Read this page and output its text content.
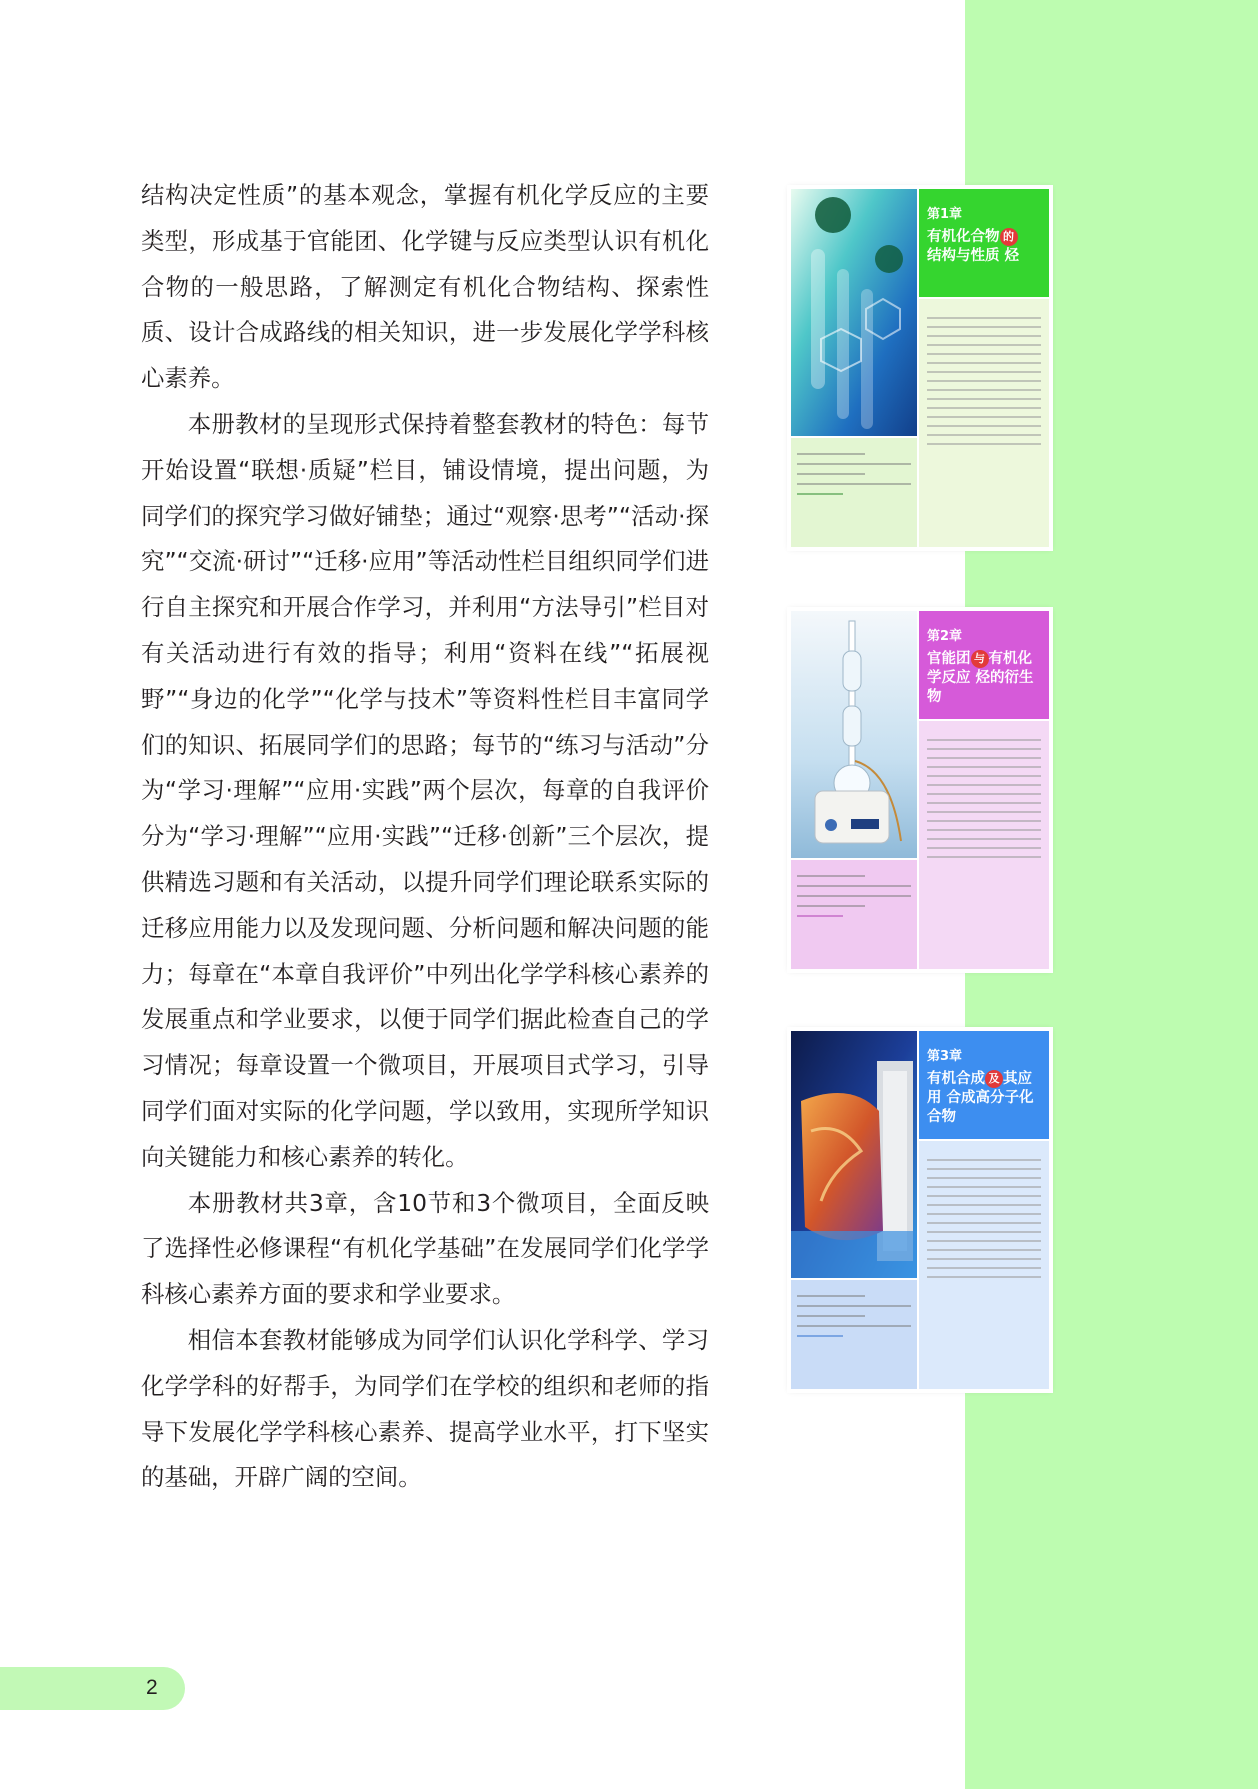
结构决定性质”的基本观念，掌握有机化学反应的主要类型，形成基于官能团、化学键与反应类型认识有机化合物的一般思路，了解测定有机化合物结构、探索性质、设计合成路线的相关知识，进一步发展化学学科核心素养。

本册教材的呈现形式保持着整套教材的特色：每节开始设置“联想·质疑”栏目，铺设情境，提出问题，为同学们的探究学习做好铺垫；通过“观察·思考”“活动·探究”“交流·研讨”“迁移·应用”等活动性栏目组织同学们进行自主探究和开展合作学习，并利用“方法导引”栏目对有关活动进行有效的指导；利用“资料在线”“拓展视野”“身边的化学”“化学与技术”等资料性栏目丰富同学们的知识、拓展同学们的思路；每节的“练习与活动”分为“学习·理解”“应用·实践”两个层次，每章的自我评价分为“学习·理解”“应用·实践”“迁移·创新”三个层次，提供精选习题和有关活动，以提升同学们理论联系实际的迁移应用能力以及发现问题、分析问题和解决问题的能力；每章在“本章自我评价”中列出化学学科核心素养的发展重点和学业要求，以便于同学们据此检查自己的学习情况；每章设置一个微项目，开展项目式学习，引导同学们面对实际的化学问题，学以致用，实现所学知识向关键能力和核心素养的转化。

本册教材共3章，含10节和3个微项目，全面反映了选择性必修课程“有机化学基础”在发展同学们化学学科核心素养方面的要求和学业要求。

相信本套教材能够成为同学们认识化学科学、学习化学学科的好帮手，为同学们在学校的组织和老师的指导下发展化学学科核心素养、提高学业水平，打下坚实的基础，开辟广阔的空间。

第1章
有机化合物 的
结构与性质 烃
第2章
官能团 与 有机化学反应 烃的衍生物
第3章
有机合成 及 其应用 合成高分子化合物
2
